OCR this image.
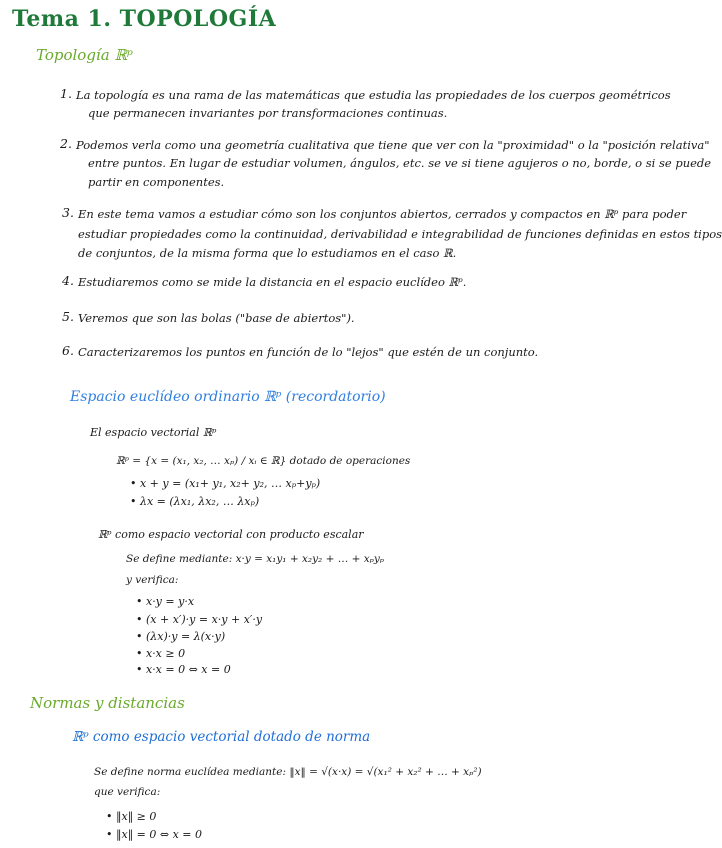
Tema 1. TOPOLOGÍA
Topología ℝᵖ
1. La topología es una rama de las matemáticas que estudia las propiedades de los cuerpos geométricos
que permanecen invariantes por transformaciones continuas.
2. Podemos verla como una geometría cualitativa que tiene que ver con la "proximidad" o la "posición relativa"
entre puntos. En lugar de estudiar volumen, ángulos, etc. se ve si tiene agujeros o no, borde, o si se puede
partir en componentes.
3. En este tema vamos a estudiar cómo son los conjuntos abiertos, cerrados y compactos en ℝᵖ para poder
estudiar propiedades como la continuidad, derivabilidad e integrabilidad de funciones definidas en estos tipos
de conjuntos, de la misma forma que lo estudiamos en el caso ℝ.
4. Estudiaremos como se mide la distancia en el espacio euclídeo ℝᵖ.
5. Veremos que son las bolas ("base de abiertos").
6. Caracterizaremos los puntos en función de lo "lejos" que estén de un conjunto.
Espacio euclídeo ordinario ℝᵖ (recordatorio)
El espacio vectorial ℝᵖ
ℝᵖ = {x = (x₁, x₂, … xₚ) / xᵢ ∈ ℝ} dotado de operaciones
• x + y = (x₁+ y₁, x₂+ y₂, … xₚ+yₚ)
• λx = (λx₁, λx₂, … λxₚ)
ℝᵖ como espacio vectorial con producto escalar
Se define mediante: x·y = x₁y₁ + x₂y₂ + … + xₚyₚ
y verifica:
• x·y = y·x
• (x + x′)·y = x·y + x′·y
• (λx)·y = λ(x·y)
• x·x ≥ 0
• x·x = 0 ⇔ x = 0
Normas y distancias
ℝᵖ como espacio vectorial dotado de norma
Se define norma euclídea mediante: ‖x‖ = √(x·x) = √(x₁² + x₂² + … + xₚ²)
que verifica:
• ‖x‖ ≥ 0
• ‖x‖ = 0 ⇔ x = 0
